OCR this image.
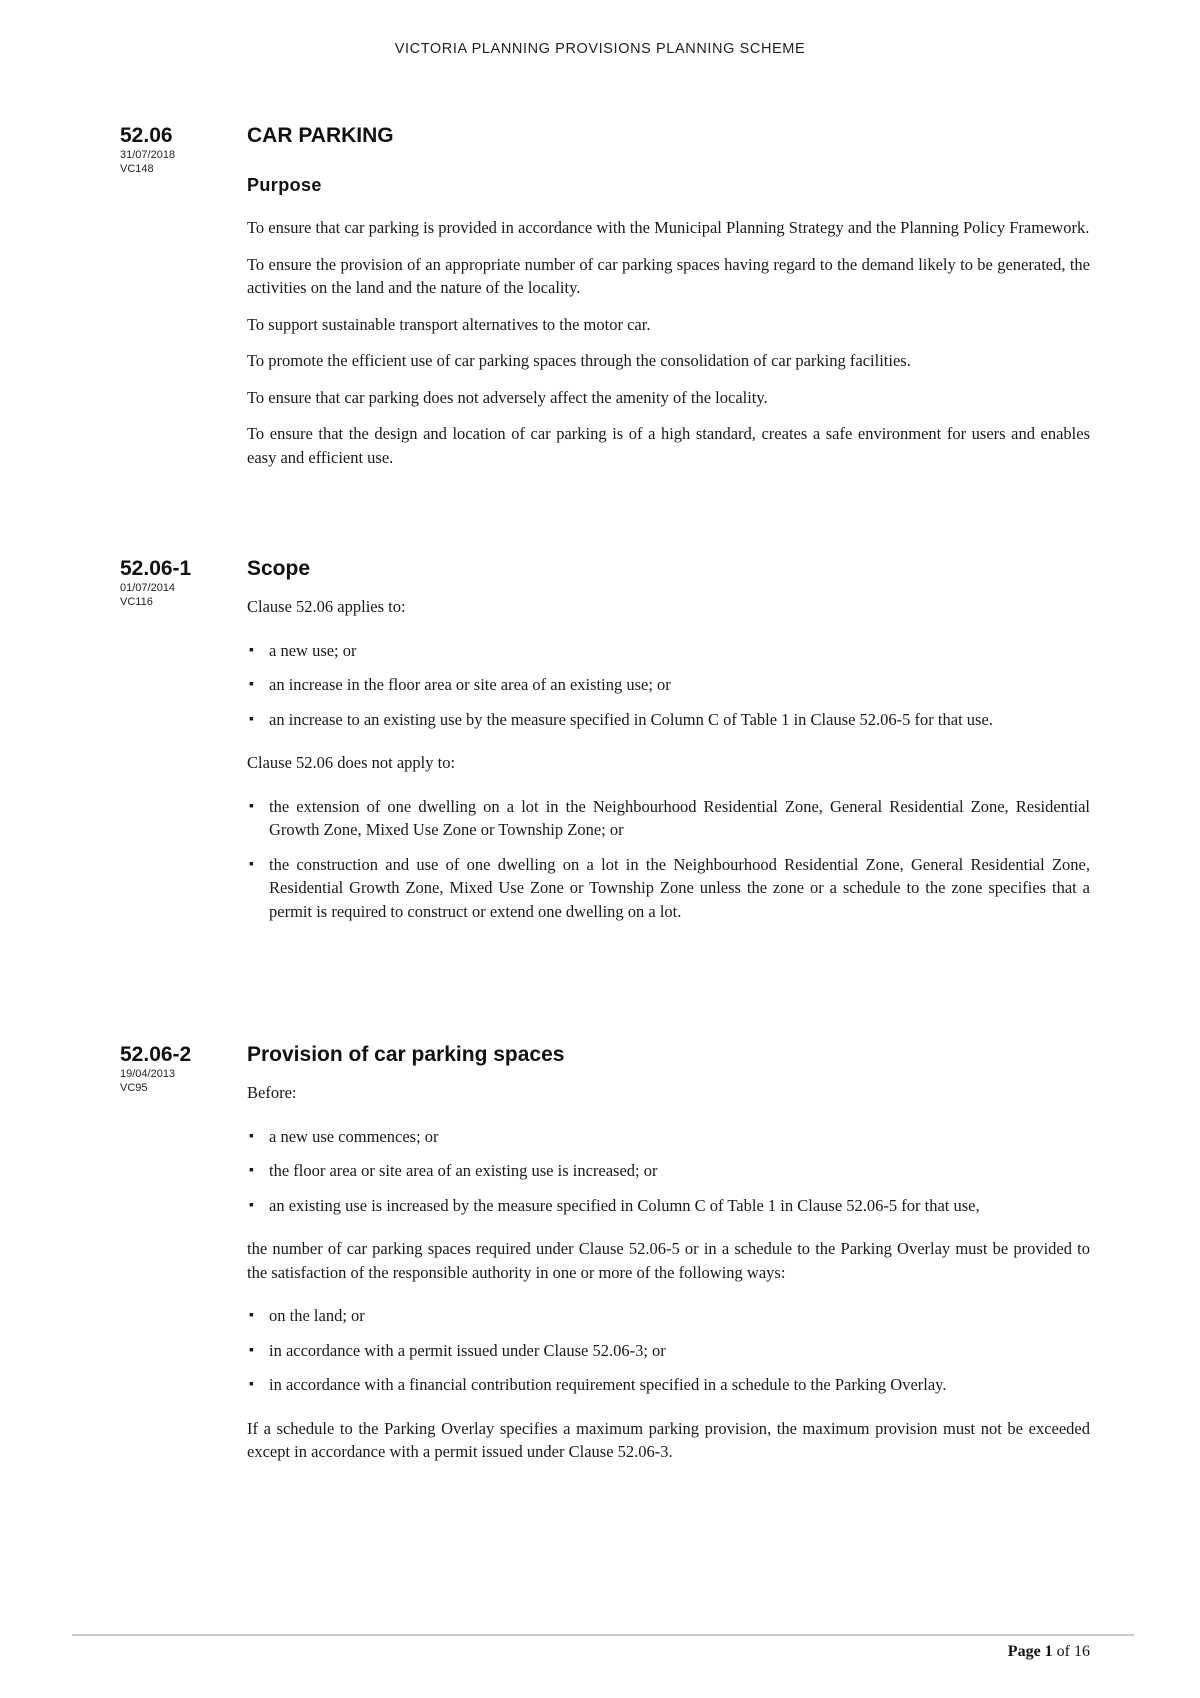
VICTORIA PLANNING PROVISIONS PLANNING SCHEME
52.06
31/07/2018
VC148
CAR PARKING
Purpose

To ensure that car parking is provided in accordance with the Municipal Planning Strategy and the Planning Policy Framework.

To ensure the provision of an appropriate number of car parking spaces having regard to the demand likely to be generated, the activities on the land and the nature of the locality.

To support sustainable transport alternatives to the motor car.

To promote the efficient use of car parking spaces through the consolidation of car parking facilities.

To ensure that car parking does not adversely affect the amenity of the locality.

To ensure that the design and location of car parking is of a high standard, creates a safe environment for users and enables easy and efficient use.

52.06-1
01/07/2014
VC116
Scope

Clause 52.06 applies to:

▪ a new use; or
▪ an increase in the floor area or site area of an existing use; or
▪ an increase to an existing use by the measure specified in Column C of Table 1 in Clause 52.06-5 for that use.

Clause 52.06 does not apply to:

▪ the extension of one dwelling on a lot in the Neighbourhood Residential Zone, General Residential Zone, Residential Growth Zone, Mixed Use Zone or Township Zone; or
▪ the construction and use of one dwelling on a lot in the Neighbourhood Residential Zone, General Residential Zone, Residential Growth Zone, Mixed Use Zone or Township Zone unless the zone or a schedule to the zone specifies that a permit is required to construct or extend one dwelling on a lot.
52.06-2
19/04/2013
VC95
Provision of car parking spaces

Before:

▪ a new use commences; or
▪ the floor area or site area of an existing use is increased; or
▪ an existing use is increased by the measure specified in Column C of Table 1 in Clause 52.06-5 for that use,

the number of car parking spaces required under Clause 52.06-5 or in a schedule to the Parking Overlay must be provided to the satisfaction of the responsible authority in one or more of the following ways:

▪ on the land; or
▪ in accordance with a permit issued under Clause 52.06-3; or
▪ in accordance with a financial contribution requirement specified in a schedule to the Parking Overlay.

If a schedule to the Parking Overlay specifies a maximum parking provision, the maximum provision must not be exceeded except in accordance with a permit issued under Clause 52.06-3.

Page 1 of 16
